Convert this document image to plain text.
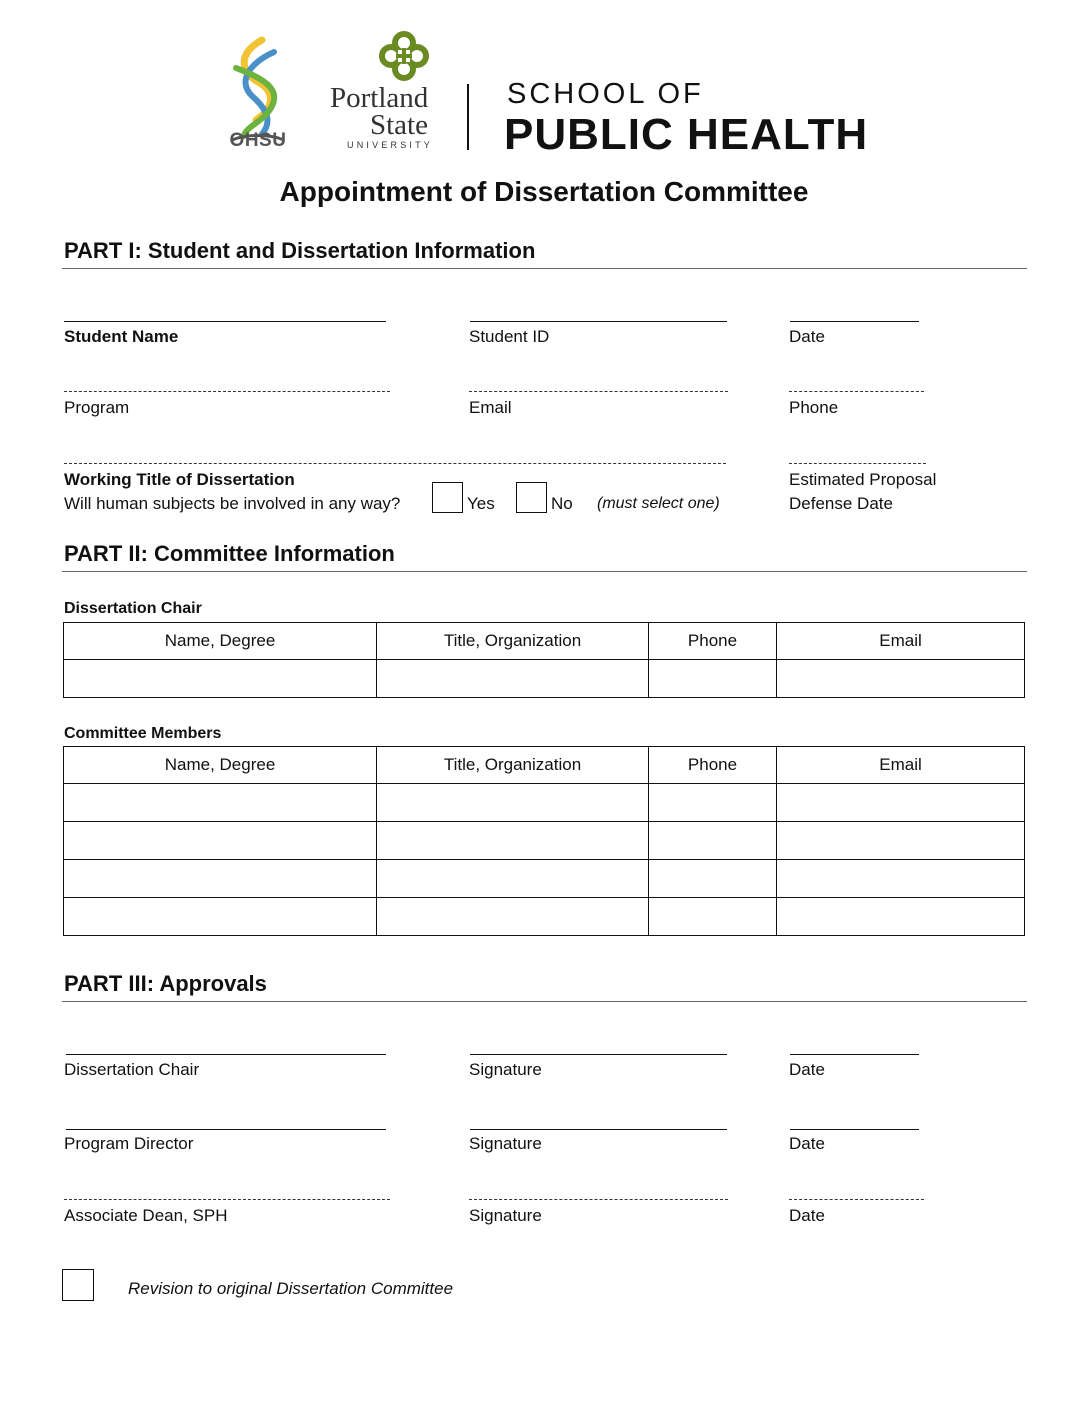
OHSU
Portland
State
UNIVERSITY
SCHOOL OF
PUBLIC HEALTH
Appointment of Dissertation Committee
PART I: Student and Dissertation Information
Student Name	Student ID	Date
Program	Email	Phone
Working Title of Dissertation
Will human subjects be involved in any way?	Yes	No (must select one)
Estimated Proposal
Defense Date
PART II: Committee Information
Dissertation Chair
Name, Degree	Title, Organization	Phone	Email

Committee Members
Name, Degree	Title, Organization	Phone	Email

PART III: Approvals
Dissertation Chair	Signature	Date
Program Director	Signature	Date
Associate Dean, SPH	Signature	Date
Revision to original Dissertation Committee
